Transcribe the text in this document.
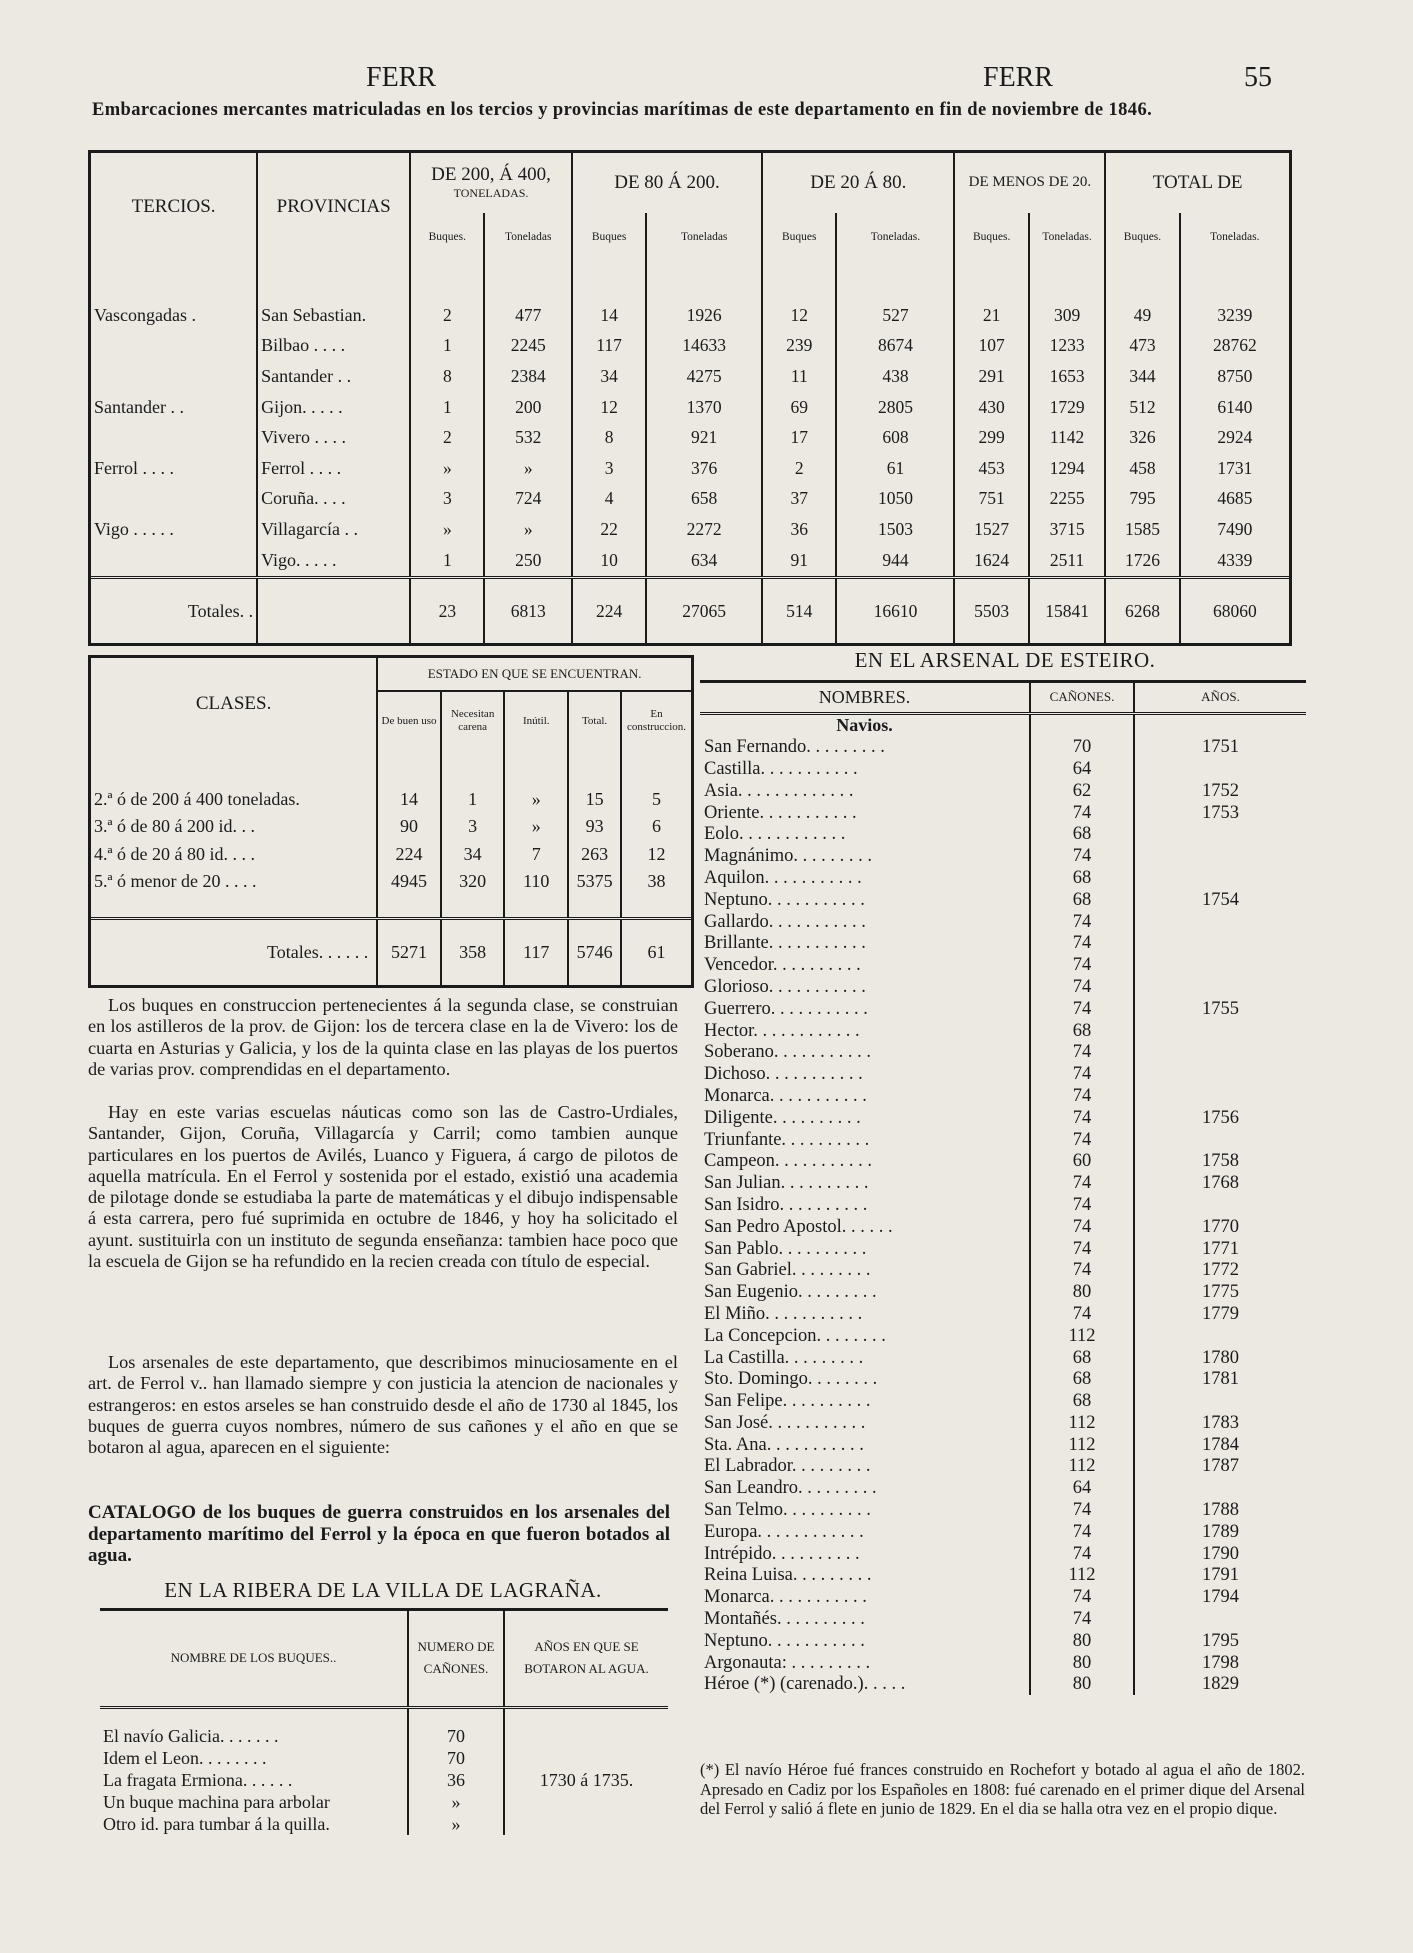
FERR	FERR	55
Embarcaciones mercantes matriculadas en los tercios y provincias marítimas de este departamento en fin de noviembre de 1846.
TERCIOS.	PROVINCIAS	DE 200, Á 400,
TONELADAS.		DE 80 Á 200.		DE 20 Á 80.		DE MENOS DE 20.		TOTAL DE	
		Buques.	Toneladas	Buques	Toneladas	Buques	Toneladas.	Buques.	Toneladas.	Buques.	Toneladas.

Vascongadas .	San Sebastian.	2	477	14	1926	12	527	21	309	49	3239
	Bilbao . . . .	1	2245	117	14633	239	8674	107	1233	473	28762
	Santander . .	8	2384	34	4275	11	438	291	1653	344	8750
Santander . .	Gijon. . . . .	1	200	12	1370	69	2805	430	1729	512	6140
	Vivero . . . .	2	532	8	921	17	608	299	1142	326	2924
Ferrol . . . .	Ferrol . . . .	»	»	3	376	2	61	453	1294	458	1731
	Coruña. . . .	3	724	4	658	37	1050	751	2255	795	4685
Vigo . . . . .	Villagarcía . .	»	»	22	2272	36	1503	1527	3715	1585	7490
	Vigo. . . . .	1	250	10	634	91	944	1624	2511	1726	4339
Totales. .		23	6813	224	27065	514	16610	5503	15841	6268	68060
CLASES.	ESTADO EN QUE SE ENCUENTRAN.				
	De buen uso	Necesitan carena	Inútil.	Total.	En construccion.

2.ª ó de 200 á 400 toneladas.	14	1	»	15	5
3.ª ó de 80 á 200 id. . .	90	3	»	93	6
4.ª ó de 20 á 80 id. . . .	224	34	7	263	12
5.ª ó menor de 20 . . . .	4945	320	110	5375	38

Totales. . . . . .	5271	358	117	5746	61
Los buques en construccion pertenecientes á la segunda clase, se construian en los astilleros de la prov. de Gijon: los de tercera clase en la de Vivero: los de cuarta en Asturias y Galicia, y los de la quinta clase en las playas de los puertos de varias prov. comprendidas en el departamento.
Hay en este varias escuelas náuticas como son las de Castro-Urdiales, Santander, Gijon, Coruña, Villagarcía y Carril; como tambien aunque particulares en los puertos de Avilés, Luanco y Figuera, á cargo de pilotos de aquella matrícula. En el Ferrol y sostenida por el estado, existió una academia de pilotage donde se estudiaba la parte de matemáticas y el dibujo indispensable á esta carrera, pero fué suprimida en octubre de 1846, y hoy ha solicitado el ayunt. sustituirla con un instituto de segunda enseñanza: tambien hace poco que la escuela de Gijon se ha refundido en la recien creada con título de especial.
Los arsenales de este departamento, que describimos minuciosamente en el art. de Ferrol v.. han llamado siempre y con justicia la atencion de nacionales y estrangeros: en estos arseles se han construido desde el año de 1730 al 1845, los buques de guerra cuyos nombres, número de sus cañones y el año en que se botaron al agua, aparecen en el siguiente:
CATALOGO de los buques de guerra construidos en los arsenales del departamento marítimo del Ferrol y la época en que fueron botados al agua.
EN LA RIBERA DE LA VILLA DE LAGRAÑA.
NOMBRE DE LOS BUQUES..	NUMERO DE CAÑONES.	AÑOS EN QUE SE BOTARON AL AGUA.

El navío Galicia. . . . . . .	70	1730 á 1735.
Idem el Leon. . . . . . . .	70	
La fragata Ermiona. . . . . .	36	
Un buque machina para arbolar	»	
Otro id. para tumbar á la quilla.	»	
EN EL ARSENAL DE ESTEIRO.
NOMBRES.	CAÑONES.	AÑOS.
Navios.		
San Fernando. . . . . . . . .	70	1751
Castilla. . . . . . . . . . .	64	
Asia. . . . . . . . . . . . .	62	1752
Oriente. . . . . . . . . . .	74	1753
Eolo. . . . . . . . . . . .	68	
Magnánimo. . . . . . . . .	74	
Aquilon. . . . . . . . . . .	68	
Neptuno. . . . . . . . . . .	68	1754
Gallardo. . . . . . . . . . .	74	
Brillante. . . . . . . . . . .	74	
Vencedor. . . . . . . . . .	74	
Glorioso. . . . . . . . . . .	74	
Guerrero. . . . . . . . . . .	74	1755
Hector. . . . . . . . . . . .	68	
Soberano. . . . . . . . . . .	74	
Dichoso. . . . . . . . . . .	74	
Monarca. . . . . . . . . . .	74	
Diligente. . . . . . . . . .	74	1756
Triunfante. . . . . . . . . .	74	
Campeon. . . . . . . . . . .	60	1758
San Julian. . . . . . . . . .	74	1768
San Isidro. . . . . . . . . .	74	
San Pedro Apostol. . . . . .	74	1770
San Pablo. . . . . . . . . .	74	1771
San Gabriel. . . . . . . . .	74	1772
San Eugenio. . . . . . . . .	80	1775
El Miño. . . . . . . . . . .	74	1779
La Concepcion. . . . . . . .	112	
La Castilla. . . . . . . . .	68	1780
Sto. Domingo. . . . . . . .	68	1781
San Felipe. . . . . . . . . .	68	
San José. . . . . . . . . . .	112	1783
Sta. Ana. . . . . . . . . . .	112	1784
El Labrador. . . . . . . . .	112	1787
San Leandro. . . . . . . . .	64	
San Telmo. . . . . . . . . .	74	1788
Europa. . . . . . . . . . . .	74	1789
Intrépido. . . . . . . . . .	74	1790
Reina Luisa. . . . . . . . .	112	1791
Monarca. . . . . . . . . . .	74	1794
Montañés. . . . . . . . . .	74	
Neptuno. . . . . . . . . . .	80	1795
Argonauta: . . . . . . . . .	80	1798
Héroe (*) (carenado.). . . . .	80	1829
(*) El navío Héroe fué frances construido en Rochefort y botado al agua el año de 1802. Apresado en Cadiz por los Españoles en 1808: fué carenado en el primer dique del Arsenal del Ferrol y salió á flete en junio de 1829. En el dia se halla otra vez en el propio dique.
